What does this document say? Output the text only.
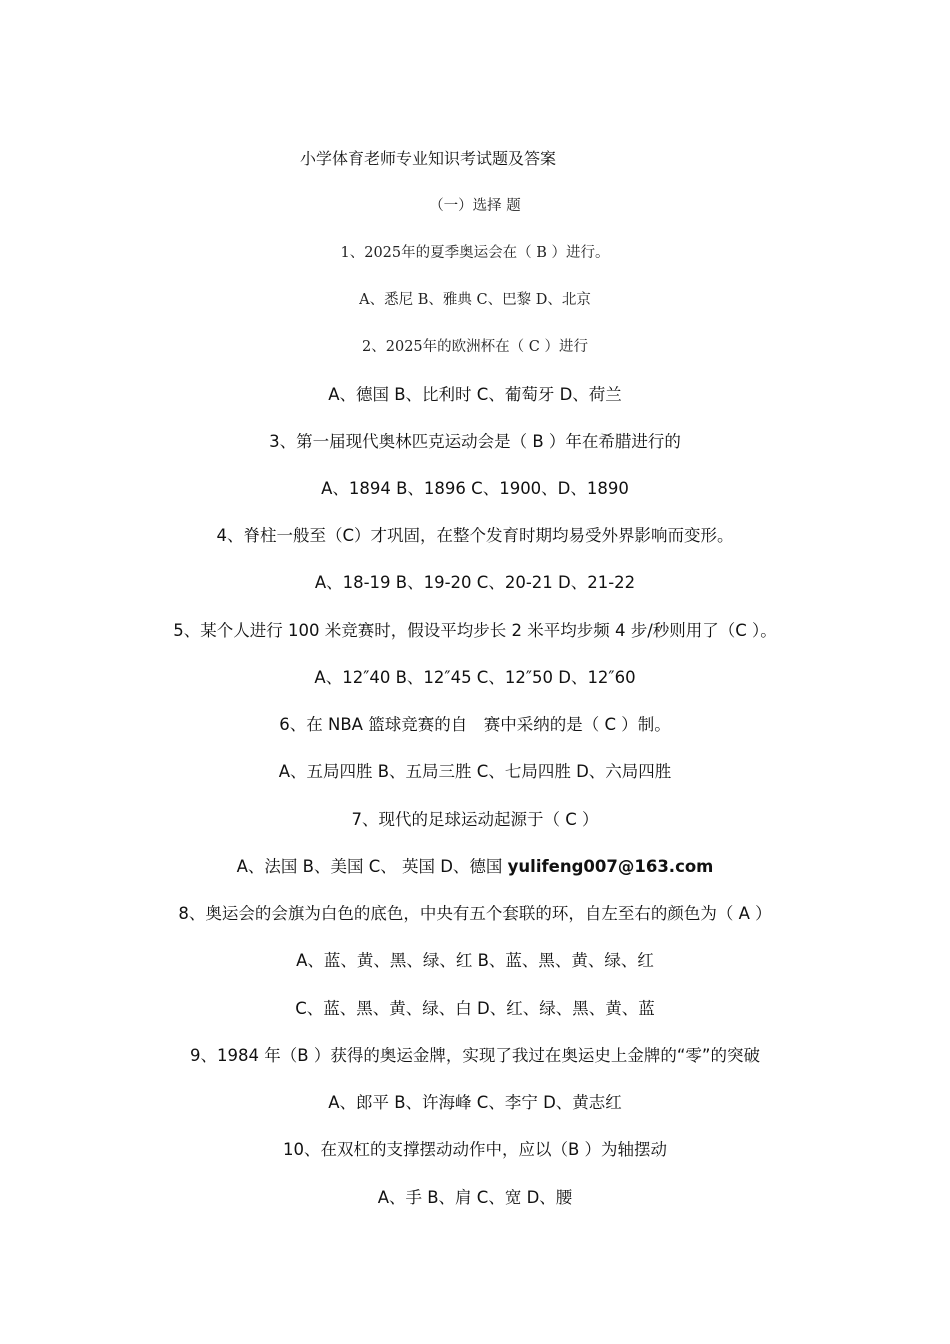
小学体育老师专业知识考试题及答案
（一）选择 题
1、2025年的夏季奥运会在（ B ）进行。
A、悉尼 B、雅典 C、巴黎 D、北京
2、2025年的欧洲杯在（ C ）进行
A、德国 B、比利时 C、葡萄牙 D、荷兰
3、第一届现代奥林匹克运动会是（ B ）年在希腊进行的
A、1894 B、1896 C、1900、D、1890
4、脊柱一般至（C）才巩固，在整个发育时期均易受外界影响而变形。
A、18-19 B、19-20 C、20-21 D、21-22
5、某个人进行 100 米竞赛时，假设平均步长 2 米平均步频 4 步/秒则用了（C ）。
A、12″40 B、12″45 C、12″50 D、12″60
6、在 NBA 篮球竞赛的自　赛中采纳的是（ C ）制。
A、五局四胜 B、五局三胜 C、七局四胜 D、六局四胜
7、现代的足球运动起源于（ C ）
A、法国 B、美国 C、 英国 D、德国 yulifeng007@163.com
8、奥运会的会旗为白色的底色，中央有五个套联的环，自左至右的颜色为（ A ）
A、蓝、黄、黑、绿、红 B、蓝、黑、黄、绿、红
C、蓝、黑、黄、绿、白 D、红、绿、黑、黄、蓝
9、1984 年（B ）获得的奥运金牌，实现了我过在奥运史上金牌的“零”的突破
A、郎平 B、许海峰 C、李宁 D、黄志红
10、在双杠的支撑摆动动作中，应以（B ）为轴摆动
A、手 B、肩 C、宽 D、腰
